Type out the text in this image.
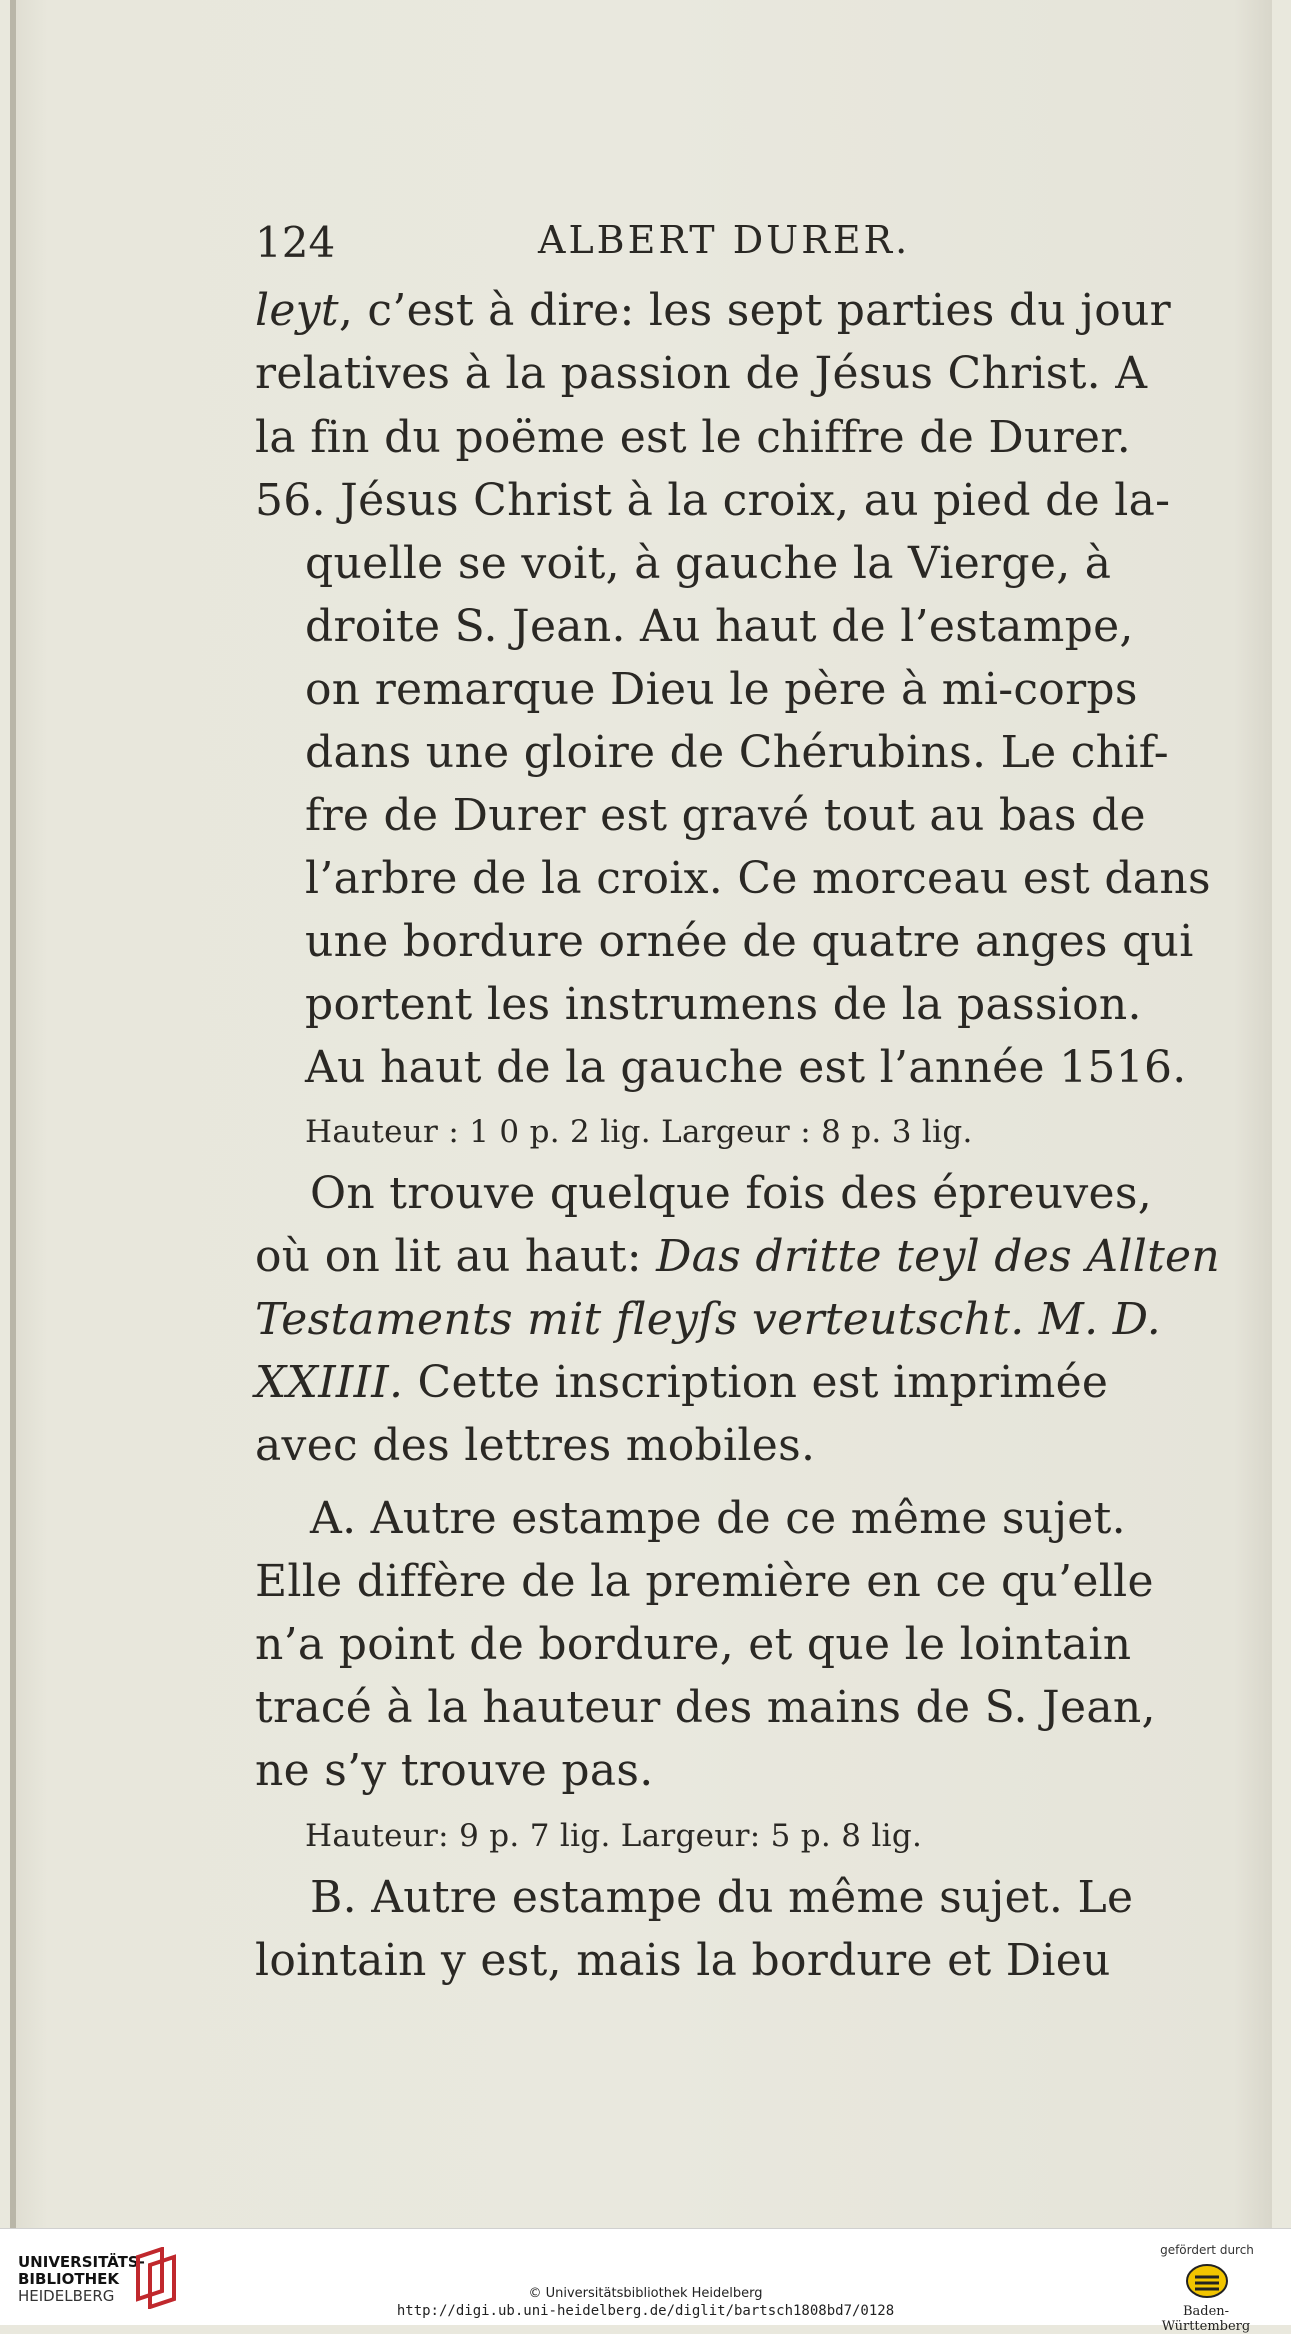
124	ALBERT DURER.
leyt, c’est à dire: les sept parties du jour
relatives à la passion de Jésus Christ. A
la fin du poëme est le chiffre de Durer.
56. Jésus Christ à la croix, au pied de la-
quelle se voit, à gauche la Vierge, à
droite S. Jean. Au haut de l’estampe,
on remarque Dieu le père à mi-corps
dans une gloire de Chérubins. Le chif-
fre de Durer est gravé tout au bas de
l’arbre de la croix. Ce morceau est dans
une bordure ornée de quatre anges qui
portent les instrumens de la passion.
Au haut de la gauche est l’année 1516.
Hauteur : 1 0 p. 2 lig. Largeur : 8 p. 3 lig.
On trouve quelque fois des épreuves,
où on lit au haut: Das dritte teyl des Allten
Testaments mit fleyſs verteutscht. M. D.
XXIIII. Cette inscription est imprimée
avec des lettres mobiles.
A. Autre estampe de ce même sujet.
Elle diffère de la première en ce qu’elle
n’a point de bordure, et que le lointain
tracé à la hauteur des mains de S. Jean,
ne s’y trouve pas.
Hauteur: 9 p. 7 lig. Largeur: 5 p. 8 lig.
B. Autre estampe du même sujet. Le
lointain y est, mais la bordure et Dieu
UNIVERSITÄTS-
BIBLIOTHEK
HEIDELBERG	© Universitätsbibliothek Heidelberg
http://digi.ub.uni-heidelberg.de/diglit/bartsch1808bd7/0128
gefördert durch
Baden-Württemberg
